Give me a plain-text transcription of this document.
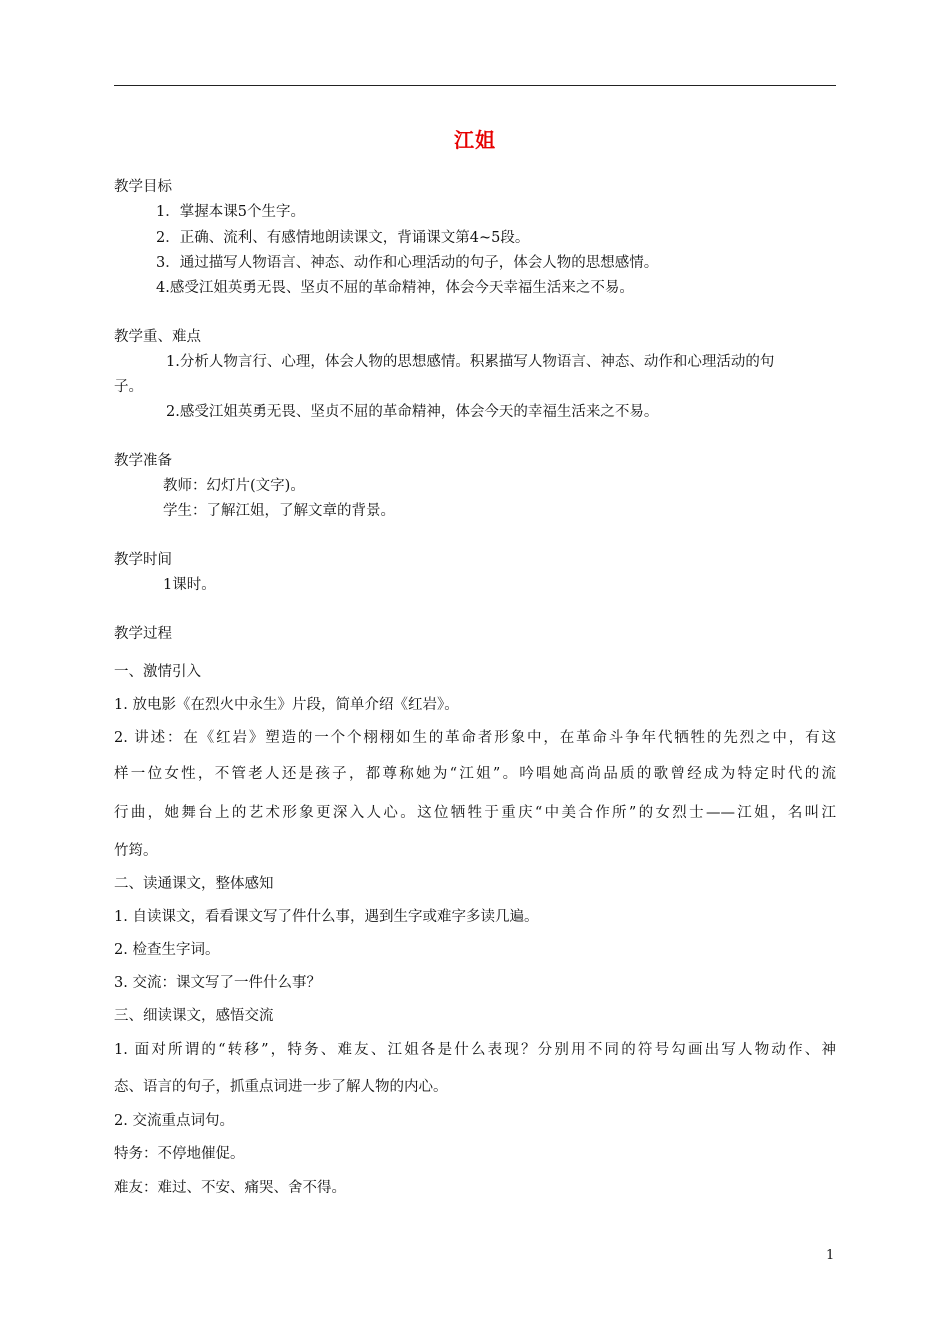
江姐
教学目标
1．掌握本课5个生字。
2．正确、流利、有感情地朗读课文，背诵课文第4~5段。
3．通过描写人物语言、神态、动作和心理活动的句子，体会人物的思想感情。
4.感受江姐英勇无畏、坚贞不屈的革命精神，体会今天幸福生活来之不易。
教学重、难点
1.分析人物言行、心理，体会人物的思想感情。积累描写人物语言、神态、动作和心理活动的句
子。
2.感受江姐英勇无畏、坚贞不屈的革命精神，体会今天的幸福生活来之不易。
教学准备
教师：幻灯片(文字)。
学生：了解江姐，了解文章的背景。
教学时间
1课时。
教学过程
一、激情引入
1. 放电影《在烈火中永生》片段，简单介绍《红岩》。
2. 讲述：在《红岩》塑造的一个个栩栩如生的革命者形象中，在革命斗争年代牺牲的先烈之中，有这
样一位女性，不管老人还是孩子，都尊称她为“江姐”。吟唱她高尚品质的歌曾经成为特定时代的流
行曲，她舞台上的艺术形象更深入人心。这位牺牲于重庆“中美合作所”的女烈士——江姐，名叫江
竹筠。
二、读通课文，整体感知
1. 自读课文，看看课文写了件什么事，遇到生字或难字多读几遍。
2. 检查生字词。
3. 交流：课文写了一件什么事？
三、细读课文，感悟交流
1. 面对所谓的“转移”，特务、难友、江姐各是什么表现？分别用不同的符号勾画出写人物动作、神
态、语言的句子，抓重点词进一步了解人物的内心。
2. 交流重点词句。
特务：不停地催促。
难友：难过、不安、痛哭、舍不得。
1
